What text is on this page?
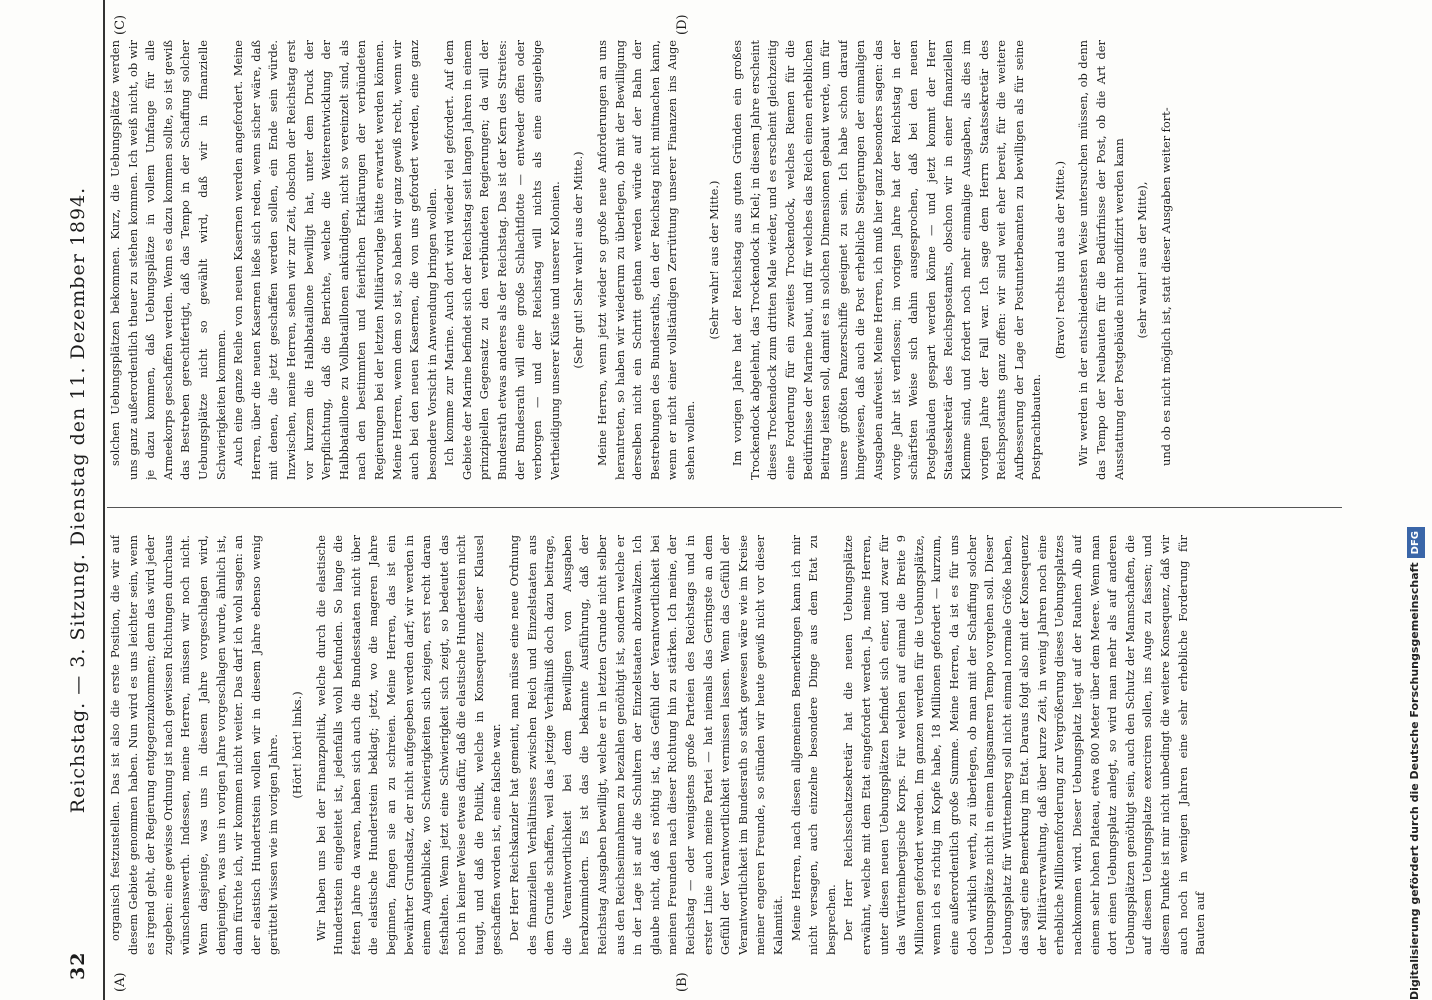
32
Reichstag. — 3. Sitzung. Dienstag den 11. Dezember 1894.
(A)	(B)
(C)	(D)

organisch festzustellen. Das ist also die erste Position, die wir auf diesem Gebiete genommen haben. Nun wird es uns leichter sein, wenn es irgend geht, der Regierung entgegenzukommen; denn das wird jeder zugeben: eine gewisse Ordnung ist nach gewissen Richtungen durchaus wünschenswerth. Indessen, meine Herren, müssen wir noch nicht. Wenn dasjenige, was uns in diesem Jahre vorgeschlagen wird, demjenigen, was uns in vorigen Jahre vorgeschlagen wurde, ähnlich ist, dann fürchte ich, wir kommen nicht weiter. Das darf ich wohl sagen: an der elastisch Hundertstein wollen wir in diesem Jahre ebenso wenig gerüttelt wissen wie im vorigen Jahre. (Hört! hört! links.) Wir haben uns bei der Finanzpolitik, welche durch die elastische Hundertstein eingeleitet ist, jedenfalls wohl befunden. So lange die fetten Jahre da waren, haben sich auch die Bundesstaaten nicht über die elastische Hundertstein beklagt; jetzt, wo die mageren Jahre beginnen, fangen sie an zu schreien. Meine Herren, das ist ein bewährter Grundsatz, der nicht aufgegeben werden darf; wir werden in einem Augenblicke, wo Schwierigkeiten sich zeigen, erst recht daran festhalten. Wenn jetzt eine Schwierigkeit sich zeigt, so bedeutet das noch in keiner Weise etwas dafür, daß die elastische Hundertstein nicht taugt, und daß die Politik, welche in Konsequenz dieser Klausel geschaffen worden ist, eine falsche war. Der Herr Reichskanzler hat gemeint, man müsse eine neue Ordnung des finanziellen Verhältnisses zwischen Reich und Einzelstaaten aus dem Grunde schaffen, weil das jetzige Verhältniß doch dazu beitrage, die Verantwortlichkeit bei dem Bewilligen von Ausgaben herabzumindern. Es ist das die bekannte Ausführung, daß der Reichstag Ausgaben bewilligt, welche er in letzten Grunde nicht selber aus den Reichseinnahmen zu bezahlen genöthigt ist, sondern welche er in der Lage ist auf die Schultern der Einzelstaaten abzuwälzen. Ich glaube nicht, daß es nöthig ist, das Gefühl der Verantwortlichkeit bei meinen Freunden nach dieser Richtung hin zu stärken. Ich meine, der Reichstag — oder wenigstens große Parteien des Reichstags und in erster Linie auch meine Partei — hat niemals das Geringste an dem Gefühl der Verantwortlichkeit vermissen lassen. Wenn das Gefühl der Verantwortlichkeit im Bundesrath so stark gewesen wäre wie im Kreise meiner engeren Freunde, so stünden wir heute gewiß nicht vor dieser Kalamität. Meine Herren, nach diesen allgemeinen Bemerkungen kann ich mir nicht versagen, auch einzelne besondere Dinge aus dem Etat zu besprechen. Der Herr Reichsschatzsekretär hat die neuen Uebungsplätze erwähnt, welche mit dem Etat eingefordert werden. Ja, meine Herren, unter diesen neuen Uebungsplätzen befindet sich einer, und zwar für das Württembergische Korps. Für welchen auf einmal die Breite 9 Millionen gefordert werden. Im ganzen werden für die Uebungsplätze, wenn ich es richtig im Kopfe habe, 18 Millionen gefordert — kurzum, eine außerordentlich große Summe. Meine Herren, da ist es für uns doch wirklich werth, zu überlegen, ob man mit der Schaffung solcher Uebungsplätze nicht in einem langsameren Tempo vorgehen soll. Dieser Uebungsplatz für Württemberg soll nicht einmal normale Größe haben, das sagt eine Bemerkung im Etat. Daraus folgt also mit der Konsequenz der Militärverwaltung, daß über kurze Zeit, in wenig Jahren noch eine erhebliche Millionenforderung zur Vergrößerung dieses Uebungsplatzes nachkommen wird. Dieser Uebungsplatz liegt auf der Rauhen Alb auf einem sehr hohen Plateau, etwa 800 Meter über dem Meere. Wenn man dort einen Uebungsplatz anlegt, so wird man mehr als auf anderen Uebungsplätzen genöthigt sein, auch den Schutz der Mannschaften, die auf diesem Uebungsplatze exerciren sollen, ins Auge zu fassen; und diesem Punkte ist mir nicht unbedingt die weitere Konsequenz, daß wir auch noch in wenigen Jahren eine sehr erhebliche Forderung für Bauten auf

solchen Uebungsplätzen bekommen. Kurz, die Uebungsplätze werden uns ganz außerordentlich theuer zu stehen kommen. Ich weiß nicht, ob wir je dazu kommen, daß Uebungsplätze in vollem Umfange für alle Armeekorps geschaffen werden. Wenn es dazu kommen sollte, so ist gewiß das Bestreben gerechtfertigt, daß das Tempo in der Schaffung solcher Uebungsplätze nicht so gewählt wird, daß wir in finanzielle Schwierigkeiten kommen. Auch eine ganze Reihe von neuen Kasernen werden angefordert. Meine Herren, über die neuen Kasernen ließe sich reden, wenn sicher wäre, daß mit denen, die jetzt geschaffen werden sollen, ein Ende sein würde. Inzwischen, meine Herren, sehen wir zur Zeit, obschon der Reichstag erst vor kurzem die Halbbataillone bewilligt hat, unter dem Druck der Verpflichtung, daß die Berichte, welche die Weiterentwicklung der Halbbataillone zu Vollbataillonen ankündigen, nicht so vereinzelt sind, als nach den bestimmten und feierlichen Erklärungen der verbündeten Regierungen bei der letzten Militärvorlage hätte erwartet werden können. Meine Herren, wenn dem so ist, so haben wir ganz gewiß recht, wenn wir auch bei den neuen Kasernen, die von uns gefordert werden, eine ganz besondere Vorsicht in Anwendung bringen wollen. Ich komme zur Marine. Auch dort wird wieder viel gefordert. Auf dem Gebiete der Marine befindet sich der Reichstag seit langen Jahren in einem prinzipiellen Gegensatz zu den verbündeten Regierungen; da will der Bundesrath etwas anderes als der Reichstag. Das ist der Kern des Streites: der Bundesrath will eine große Schlachtflotte — entweder offen oder verborgen — und der Reichstag will nichts als eine ausgiebige Vertheidigung unserer Küste und unserer Kolonien. (Sehr gut! Sehr wahr! aus der Mitte.) Meine Herren, wenn jetzt wieder so große neue Anforderungen an uns herantreten, so haben wir wiederum zu überlegen, ob mit der Bewilligung derselben nicht ein Schritt gethan werden würde auf der Bahn der Bestrebungen des Bundesraths, den der Reichstag nicht mitmachen kann, wenn er nicht einer vollständigen Zerrüttung unserer Finanzen ins Auge sehen wollen.

(Sehr wahr! aus der Mitte.) Im vorigen Jahre hat der Reichstag aus guten Gründen ein großes Trockendock abgelehnt, das Trockendock in Kiel; in diesem Jahre erscheint dieses Trockendock zum dritten Male wieder, und es erscheint gleichzeitig eine Forderung für ein zweites Trockendock, welches Riemen für die Bedürfnisse der Marine baut, und für welches das Reich einen erheblichen Beitrag leisten soll, damit es in solchen Dimensionen gebaut werde, um für unsere größten Panzerschiffe geeignet zu sein. Ich habe schon darauf hingewiesen, daß auch die Post erhebliche Steigerungen der einmaligen Ausgaben aufweist. Meine Herren, ich muß hier ganz besonders sagen: das vorige Jahr ist verflossen; im vorigen Jahre hat der Reichstag in der schärfsten Weise sich dahin ausgesprochen, daß bei den neuen Postgebäuden gespart werden könne — und jetzt kommt der Herr Staatssekretär des Reichspostamts, obschon wir in einer finanziellen Klemme sind, und fordert noch mehr einmalige Ausgaben, als dies im vorigen Jahre der Fall war. Ich sage dem Herrn Staatssekretär des Reichspostamts ganz offen: wir sind weit eher bereit, für die weitere Aufbesserung der Lage der Postunterbeamten zu bewilligen als für seine Postprachtbauten.

(Bravo! rechts und aus der Mitte.) Wir werden in der entschiedensten Weise untersuchen müssen, ob denn das Tempo der Neubauten für die Bedürfnisse der Post, ob die Art der Ausstattung der Postgebäude nicht modifizirt werden kann (sehr wahr! aus der Mitte), und ob es nicht möglich ist, statt dieser Ausgaben weiter fort-

Digitalisierung gefördert durch die Deutsche ForschungsgemeinschaftDFG
